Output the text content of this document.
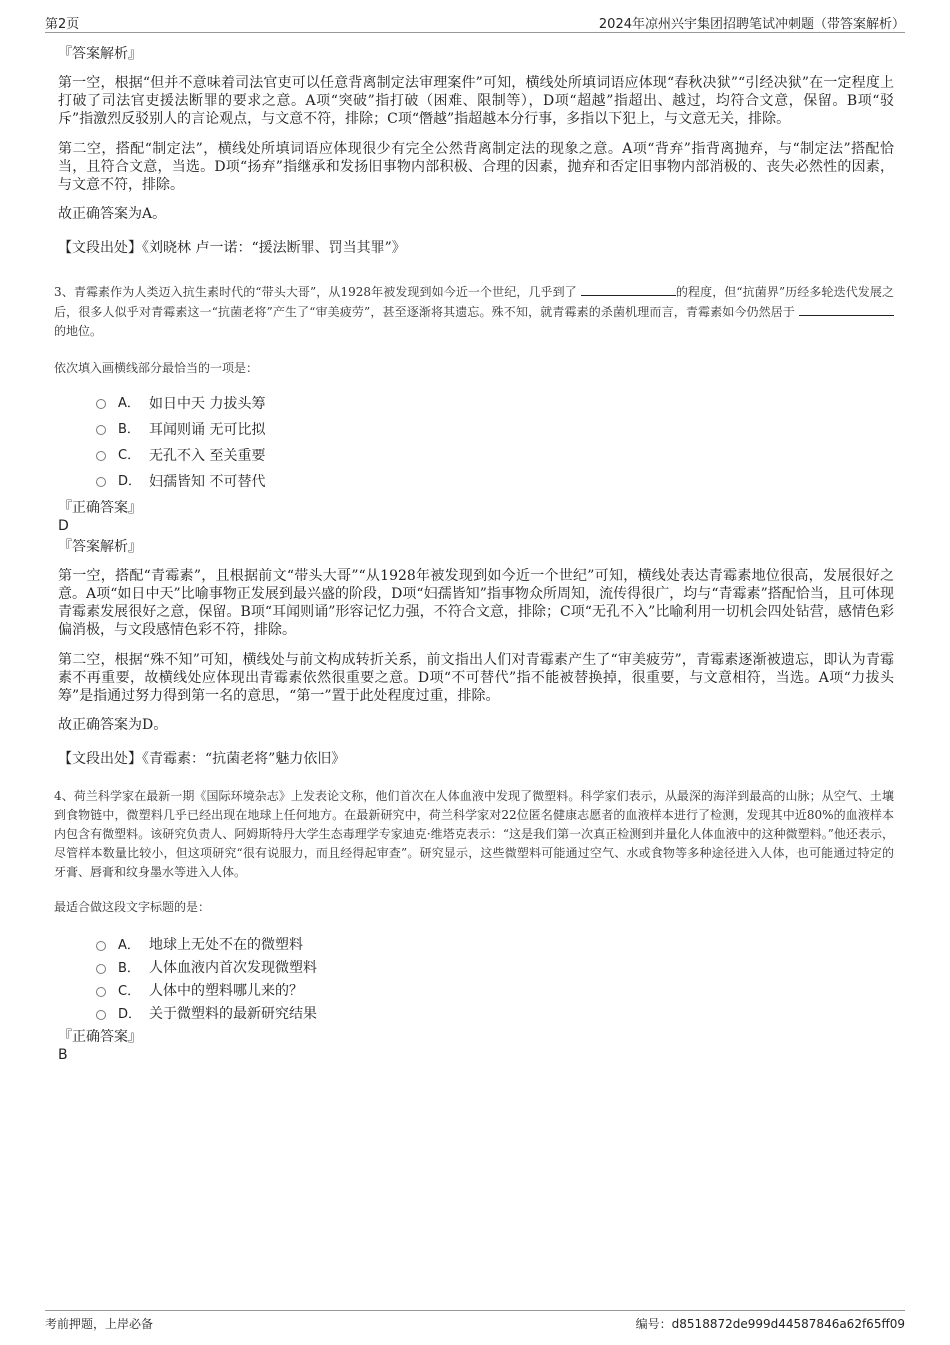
第2页	2024年凉州兴宇集团招聘笔试冲刺题（带答案解析）

『答案解析』

第一空，根据“但并不意味着司法官吏可以任意背离制定法审理案件”可知，横线处所填词语应体现“春秋决狱”“引经决狱”在一定程度上打破了司法官吏援法断罪的要求之意。A项“突破”指打破（困难、限制等），D项“超越”指超出、越过，均符合文意，保留。B项“驳斥”指激烈反驳别人的言论观点，与文意不符，排除；C项“僭越”指超越本分行事，多指以下犯上，与文意无关，排除。

第二空，搭配“制定法”，横线处所填词语应体现很少有完全公然背离制定法的现象之意。A项“背弃”指背离抛弃，与“制定法”搭配恰当，且符合文意，当选。D项“扬弃”指继承和发扬旧事物内部积极、合理的因素，抛弃和否定旧事物内部消极的、丧失必然性的因素，与文意不符，排除。

故正确答案为A。

【文段出处】《刘晓林 卢一诺：“援法断罪、罚当其罪”》

3、青霉素作为人类迈入抗生素时代的“带头大哥”，从1928年被发现到如今近一个世纪，几乎到了	的程度，但“抗菌界”历经多轮迭代发展之后，很多人似乎对青霉素这一“抗菌老将”产生了“审美疲劳”，甚至逐渐将其遗忘。殊不知，就青霉素的杀菌机理而言，青霉素如今仍然居于 的地位。

依次填入画横线部分最恰当的一项是：

A． 如日中天 力拔头筹
B． 耳闻则诵 无可比拟
C． 无孔不入 至关重要
D． 妇孺皆知 不可替代

『正确答案』

D

『答案解析』

第一空，搭配“青霉素”，且根据前文“带头大哥”“从1928年被发现到如今近一个世纪”可知，横线处表达青霉素地位很高，发展很好之意。A项“如日中天”比喻事物正发展到最兴盛的阶段，D项“妇孺皆知”指事物众所周知，流传得很广，均与“青霉素”搭配恰当，且可体现青霉素发展很好之意，保留。B项“耳闻则诵”形容记忆力强，不符合文意，排除；C项“无孔不入”比喻利用一切机会四处钻营，感情色彩偏消极，与文段感情色彩不符，排除。

第二空，根据“殊不知”可知，横线处与前文构成转折关系，前文指出人们对青霉素产生了“审美疲劳”，青霉素逐渐被遗忘，即认为青霉素不再重要，故横线处应体现出青霉素依然很重要之意。D项“不可替代”指不能被替换掉，很重要，与文意相符，当选。A项“力拔头筹”是指通过努力得到第一名的意思，“第一”置于此处程度过重，排除。

故正确答案为D。

【文段出处】《青霉素：“抗菌老将”魅力依旧》

4、荷兰科学家在最新一期《国际环境杂志》上发表论文称，他们首次在人体血液中发现了微塑料。科学家们表示，从最深的海洋到最高的山脉；从空气、土壤到食物链中，微塑料几乎已经出现在地球上任何地方。在最新研究中，荷兰科学家对22位匿名健康志愿者的血液样本进行了检测，发现其中近80%的血液样本内包含有微塑料。该研究负责人、阿姆斯特丹大学生态毒理学专家迪克·维塔克表示：“这是我们第一次真正检测到并量化人体血液中的这种微塑料。”他还表示，尽管样本数量比较小，但这项研究“很有说服力，而且经得起审查”。研究显示，这些微塑料可能通过空气、水或食物等多种途径进入人体，也可能通过特定的牙膏、唇膏和纹身墨水等进入人体。

最适合做这段文字标题的是：

A． 地球上无处不在的微塑料
B． 人体血液内首次发现微塑料
C． 人体中的塑料哪儿来的？
D． 关于微塑料的最新研究结果

『正确答案』

B

考前押题，上岸必备	编号：d8518872de999d44587846a62f65ff09
